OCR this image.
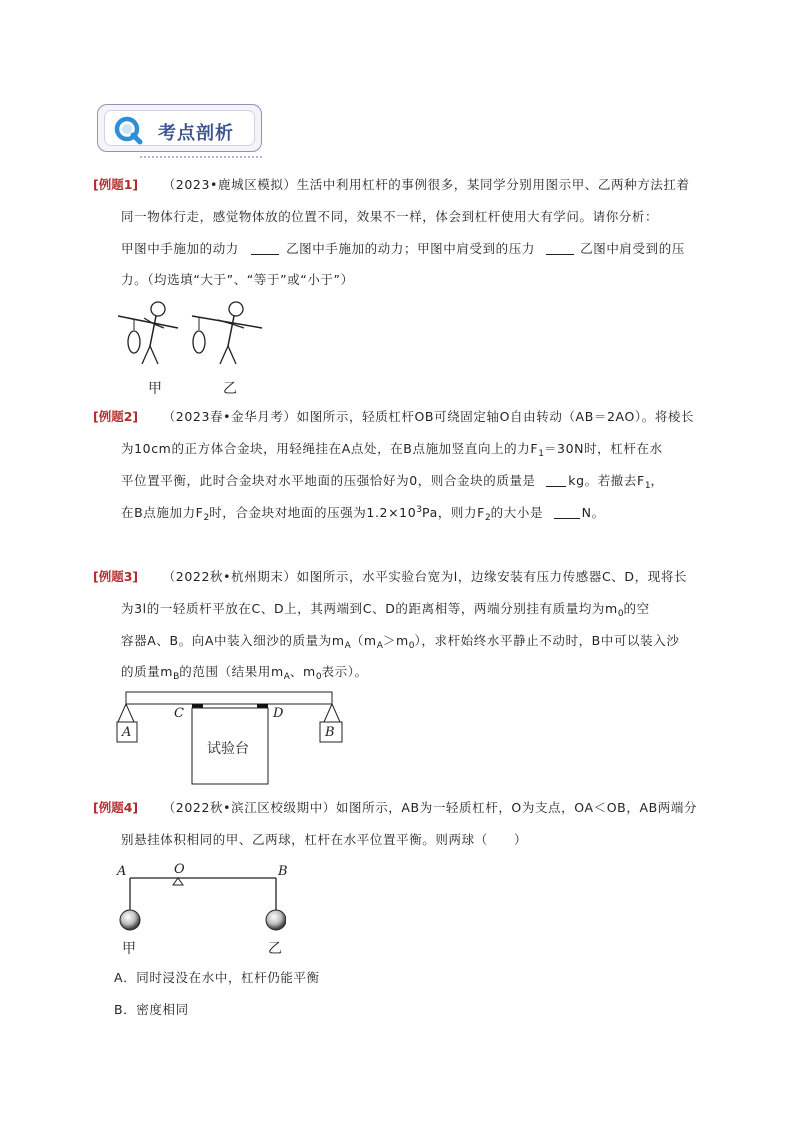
考点剖析
[例题1] （2023•鹿城区模拟）生活中利用杠杆的事例很多，某同学分别用图示甲、乙两种方法扛着
同一物体行走，感觉物体放的位置不同，效果不一样，体会到杠杆使用大有学问。请你分析：
甲图中手施加的动力	乙图中手施加的动力；甲图中肩受到的压力	乙图中肩受到的压
力。（均选填“大于”、“等于”或“小于”）
甲	乙
[例题2] （2023春•金华月考）如图所示，轻质杠杆OB可绕固定轴O自由转动（AB＝2AO）。将棱长
为10cm的正方体合金块，用轻绳挂在A点处，在B点施加竖直向上的力$F_1=30N$时，杠杆在水
平位置平衡，此时合金块对水平地面的压强恰好为0，则合金块的质量是	kg。若撤去$F_1$，
在B点施加力$F_2$时，合金块对地面的压强为$1.2\times 10^3Pa$，则力$F_2$的大小是	N。
[例题3] （2022秋•杭州期末）如图所示，水平实验台宽为l，边缘安装有压力传感器C、D，现将长
为3l的一轻质杆平放在C、D上，其两端到C、D的距离相等，两端分别挂有质量均为$m_0$的空
容器A、B。向A中装入细沙的质量为$m_A(m_A>m_0)$，求杆始终水平静止不动时，B中可以装入沙
的质量$m_B$的范围（结果用$m_A$、$m_0$表示）。
A	B
C	D
试验台
[例题4] （2022秋•滨江区校级期中）如图所示，AB为一轻质杠杆，O为支点，OA＜OB，AB两端分
别悬挂体积相同的甲、乙两球，杠杆在水平位置平衡。则两球（　　）
A	O	B
甲	乙
A．同时浸没在水中，杠杆仍能平衡
B．密度相同
